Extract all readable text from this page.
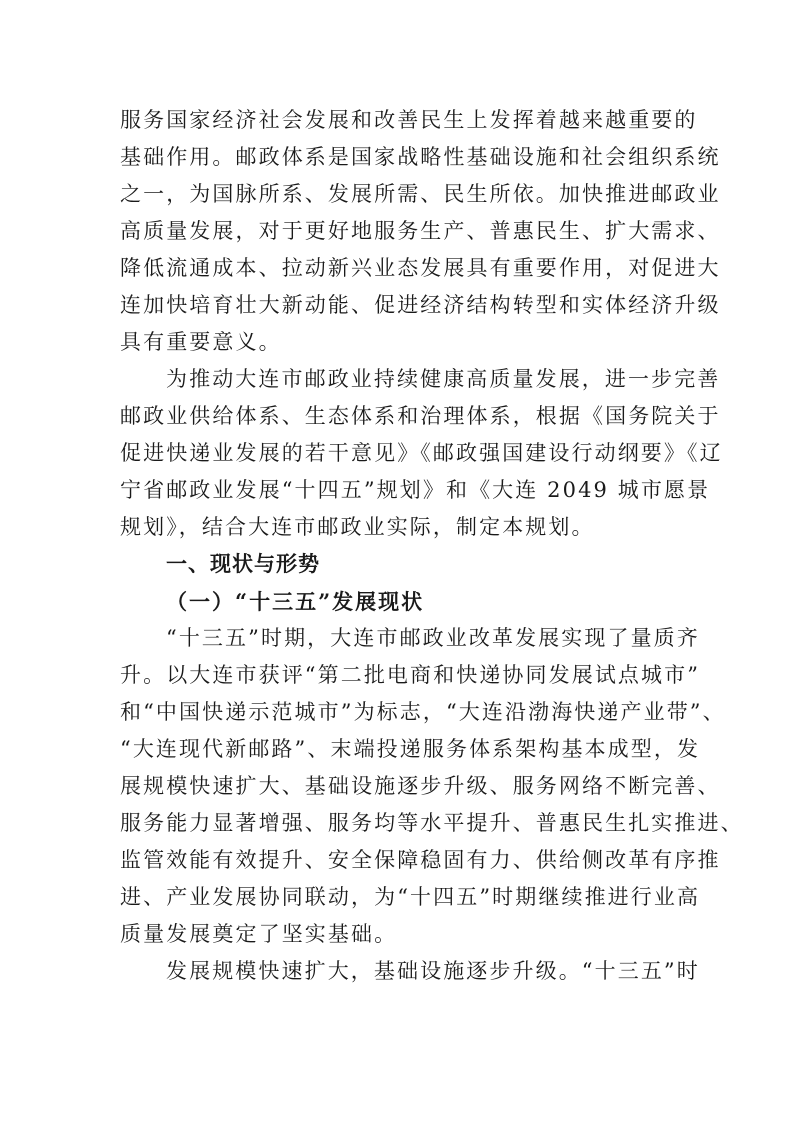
服务国家经济社会发展和改善民生上发挥着越来越重要的
基础作用。邮政体系是国家战略性基础设施和社会组织系统
之一，为国脉所系、发展所需、民生所依。加快推进邮政业
高质量发展，对于更好地服务生产、普惠民生、扩大需求、
降低流通成本、拉动新兴业态发展具有重要作用，对促进大
连加快培育壮大新动能、促进经济结构转型和实体经济升级
具有重要意义。
为推动大连市邮政业持续健康高质量发展，进一步完善
邮政业供给体系、生态体系和治理体系，根据《国务院关于
促进快递业发展的若干意见》《邮政强国建设行动纲要》《辽
宁省邮政业发展“十四五”规划》和《大连 2049 城市愿景
规划》，结合大连市邮政业实际，制定本规划。
一、现状与形势
（一）“十三五”发展现状
“十三五”时期，大连市邮政业改革发展实现了量质齐
升。以大连市获评“第二批电商和快递协同发展试点城市”
和“中国快递示范城市”为标志，“大连沿渤海快递产业带”、
“大连现代新邮路”、末端投递服务体系架构基本成型，发
展规模快速扩大、基础设施逐步升级、服务网络不断完善、
服务能力显著增强、服务均等水平提升、普惠民生扎实推进、
监管效能有效提升、安全保障稳固有力、供给侧改革有序推
进、产业发展协同联动，为“十四五”时期继续推进行业高
质量发展奠定了坚实基础。
发展规模快速扩大，基础设施逐步升级。“十三五”时
